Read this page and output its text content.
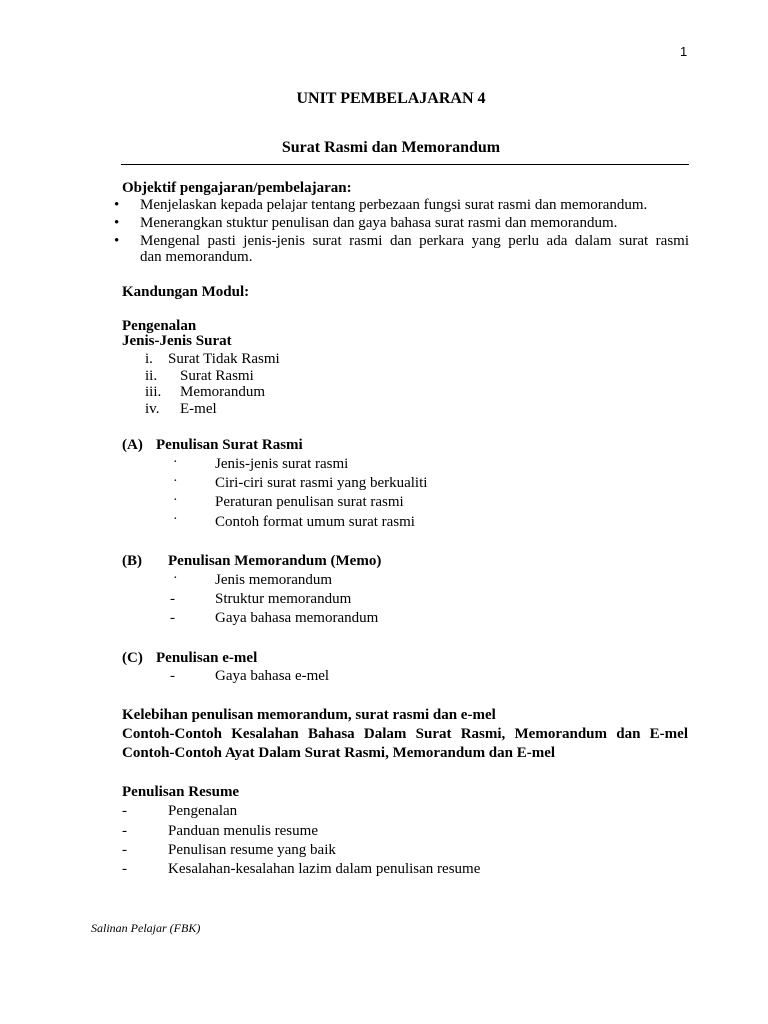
1
UNIT PEMBELAJARAN 4
Surat Rasmi dan Memorandum
Objektif pengajaran/pembelajaran:
• Menjelaskan kepada pelajar tentang perbezaan fungsi surat rasmi dan memorandum.
• Menerangkan stuktur penulisan dan gaya bahasa surat rasmi dan memorandum.
• Mengenal pasti jenis-jenis surat rasmi dan perkara yang perlu ada dalam surat rasmi
dan memorandum.
Kandungan Modul:
Pengenalan
Jenis-Jenis Surat
i. Surat Tidak Rasmi
ii. Surat Rasmi
iii. Memorandum
iv. E-mel
(A) Penulisan Surat Rasmi
· Jenis-jenis surat rasmi
· Ciri-ciri surat rasmi yang berkualiti
· Peraturan penulisan surat rasmi
· Contoh format umum surat rasmi
(B) Penulisan Memorandum (Memo)
· Jenis memorandum
-	Struktur memorandum
-	Gaya bahasa memorandum
(C) Penulisan e-mel
-	Gaya bahasa e-mel
Kelebihan penulisan memorandum, surat rasmi dan e-mel
Contoh-Contoh Kesalahan Bahasa Dalam Surat Rasmi, Memorandum dan E-mel
Contoh-Contoh Ayat Dalam Surat Rasmi, Memorandum dan E-mel
Penulisan Resume
-	Pengenalan
-	Panduan menulis resume
-	Penulisan resume yang baik
-	Kesalahan-kesalahan lazim dalam penulisan resume
Salinan Pelajar (FBK)
